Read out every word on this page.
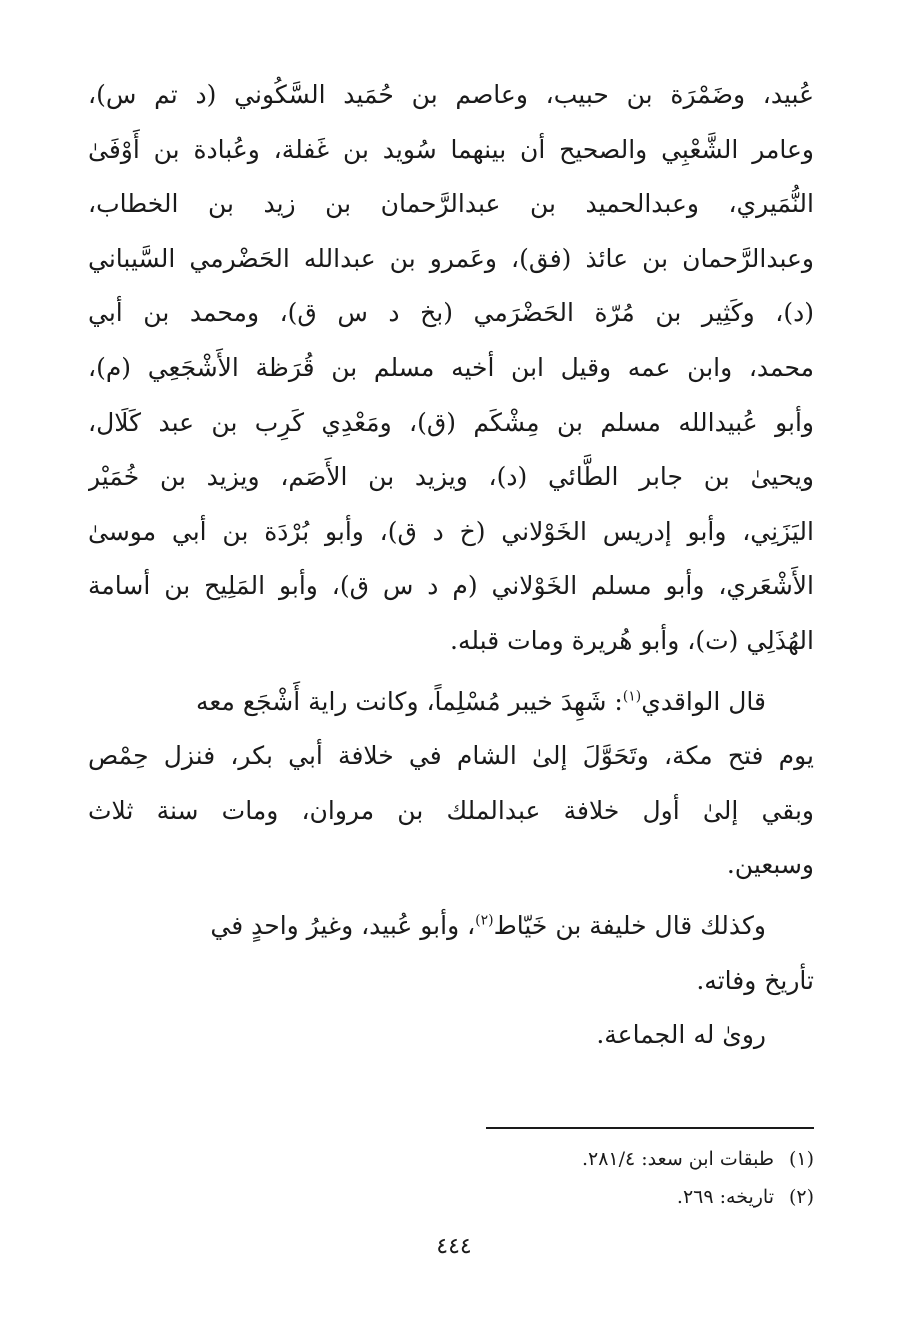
عُبيد، وضَمْرَة بن حبيب، وعاصم بن حُمَيد السَّكُوني (د تم س)،
وعامر الشَّعْبِي والصحيح أن بينهما سُويد بن غَفلة، وعُبادة بن أَوْفَىٰ
النُّمَيري، وعبدالحميد بن عبدالرَّحمان بن زيد بن الخطاب،
وعبدالرَّحمان بن عائذ (فق)، وعَمرو بن عبدالله الحَضْرمي السَّيباني
(د)، وكَثِير بن مُرّة الحَضْرَمي (بخ د س ق)، ومحمد بن أبي
محمد، وابن عمه وقيل ابن أخيه مسلم بن قُرَظة الأَشْجَعِي (م)،
وأبو عُبيدالله مسلم بن مِشْكَم (ق)، ومَعْدِي كَرِب بن عبد كَلَال،
ويحيىٰ بن جابر الطَّائي (د)، ويزيد بن الأَصَم، ويزيد بن خُمَيْر
اليَزَنِي، وأبو إدريس الخَوْلاني (خ د ق)، وأبو بُرْدَة بن أبي موسىٰ
الأَشْعَري، وأبو مسلم الخَوْلاني (م د س ق)، وأبو المَلِيح بن أسامة
الهُذَلِي (ت)، وأبو هُريرة ومات قبله.
قال الواقدي$^{(١)}$: شَهِدَ خيبر مُسْلِماً، وكانت راية أَشْجَع معه
يوم فتح مكة، وتَحَوَّلَ إلىٰ الشام في خلافة أبي بكر، فنزل حِمْص
وبقي إلىٰ أول خلافة عبدالملك بن مروان، ومات سنة ثلاث
وسبعين.
وكذلك قال خليفة بن خَيّاط$^{(٢)}$، وأبو عُبيد، وغيرُ واحدٍ في
تأريخ وفاته.
روىٰ له الجماعة.
(١)طبقات ابن سعد: ٢٨١/٤.
(٢)تاريخه: ٢٦٩.
٤٤٤
